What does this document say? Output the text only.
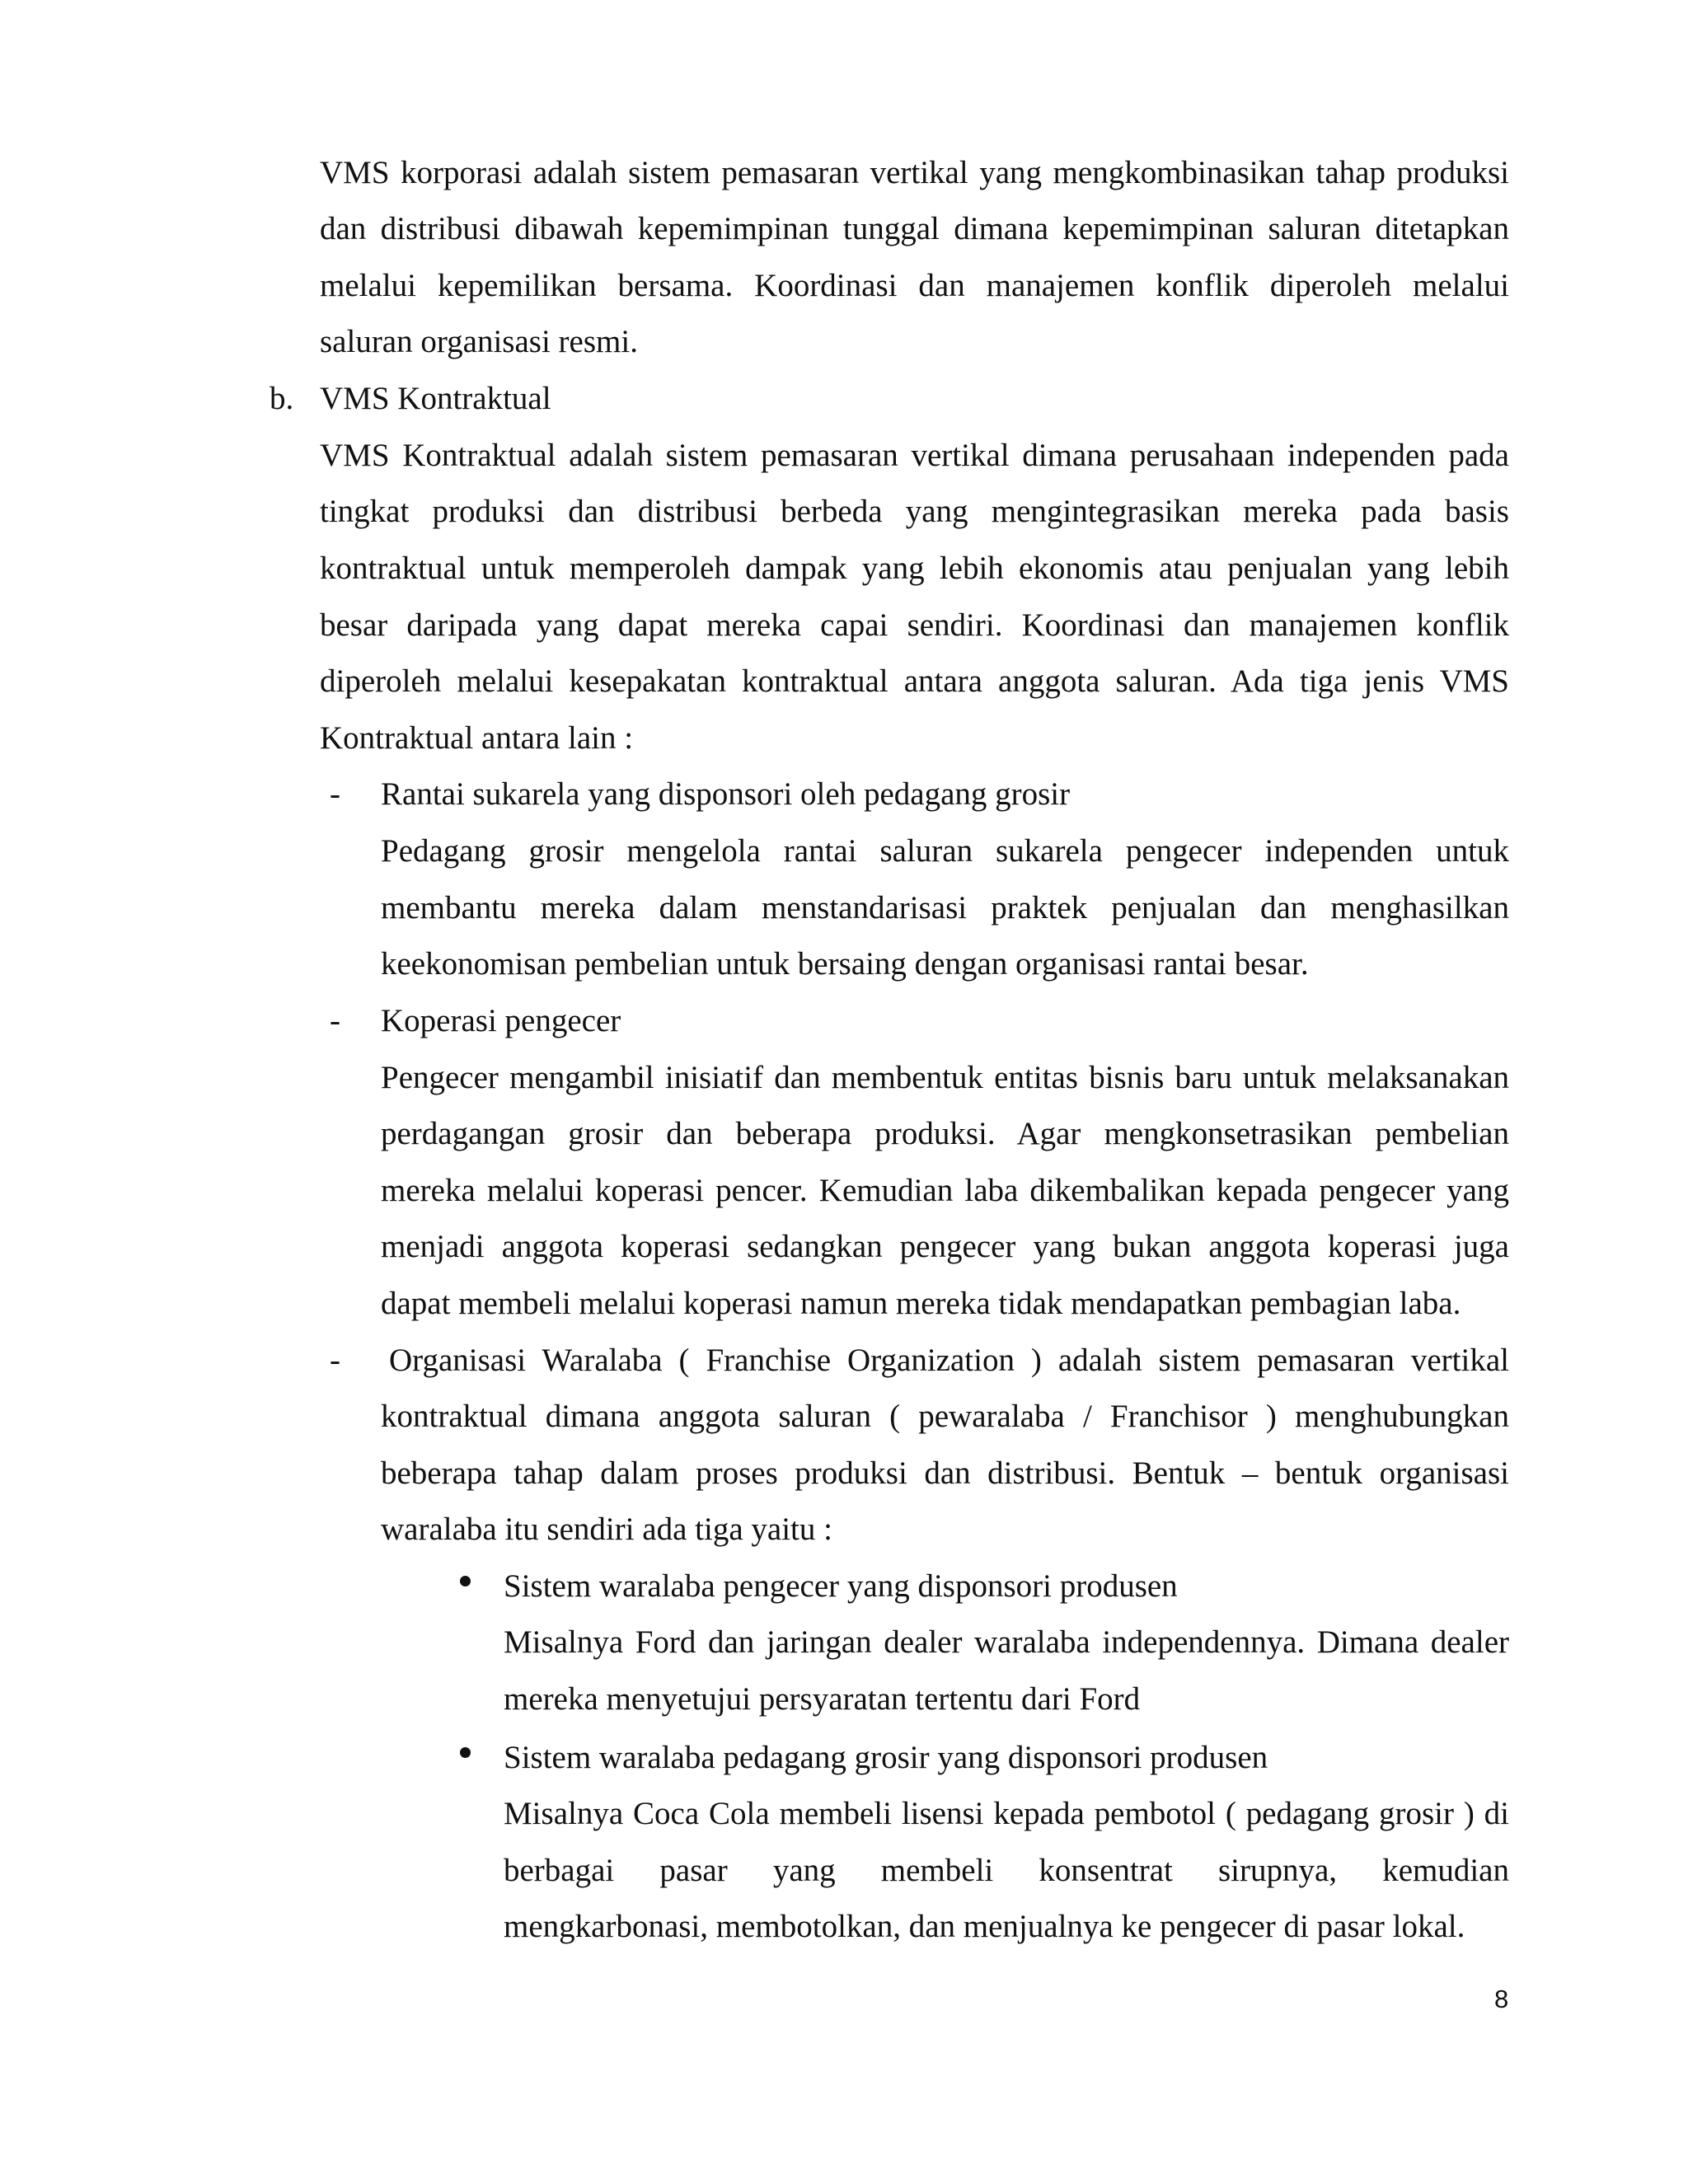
VMS korporasi adalah sistem pemasaran vertikal yang mengkombinasikan tahap produksi
dan distribusi dibawah kepemimpinan tunggal dimana kepemimpinan saluran ditetapkan
melalui kepemilikan bersama. Koordinasi dan manajemen konflik diperoleh melalui
saluran organisasi resmi.
b. VMS Kontraktual
VMS Kontraktual adalah sistem pemasaran vertikal dimana perusahaan independen pada
tingkat produksi dan distribusi berbeda yang mengintegrasikan mereka pada basis
kontraktual untuk memperoleh dampak yang lebih ekonomis atau penjualan yang lebih
besar daripada yang dapat mereka capai sendiri. Koordinasi dan manajemen konflik
diperoleh melalui kesepakatan kontraktual antara anggota saluran. Ada tiga jenis VMS
Kontraktual antara lain :
- Rantai sukarela yang disponsori oleh pedagang grosir
Pedagang grosir mengelola rantai saluran sukarela pengecer independen untuk
membantu mereka dalam menstandarisasi praktek penjualan dan menghasilkan
keekonomisan pembelian untuk bersaing dengan organisasi rantai besar.
- Koperasi pengecer
Pengecer mengambil inisiatif dan membentuk entitas bisnis baru untuk melaksanakan
perdagangan grosir dan beberapa produksi. Agar mengkonsetrasikan pembelian
mereka melalui koperasi pencer. Kemudian laba dikembalikan kepada pengecer yang
menjadi anggota koperasi sedangkan pengecer yang bukan anggota koperasi juga
dapat membeli melalui koperasi namun mereka tidak mendapatkan pembagian laba.
- Organisasi Waralaba ( Franchise Organization ) adalah sistem pemasaran vertikal
kontraktual dimana anggota saluran ( pewaralaba / Franchisor ) menghubungkan
beberapa tahap dalam proses produksi dan distribusi. Bentuk – bentuk organisasi
waralaba itu sendiri ada tiga yaitu :
Sistem waralaba pengecer yang disponsori produsen
Misalnya Ford dan jaringan dealer waralaba independennya. Dimana dealer
mereka menyetujui persyaratan tertentu dari Ford
Sistem waralaba pedagang grosir yang disponsori produsen
Misalnya Coca Cola membeli lisensi kepada pembotol ( pedagang grosir ) di
berbagai pasar yang membeli konsentrat sirupnya, kemudian
mengkarbonasi, membotolkan, dan menjualnya ke pengecer di pasar lokal.
8
